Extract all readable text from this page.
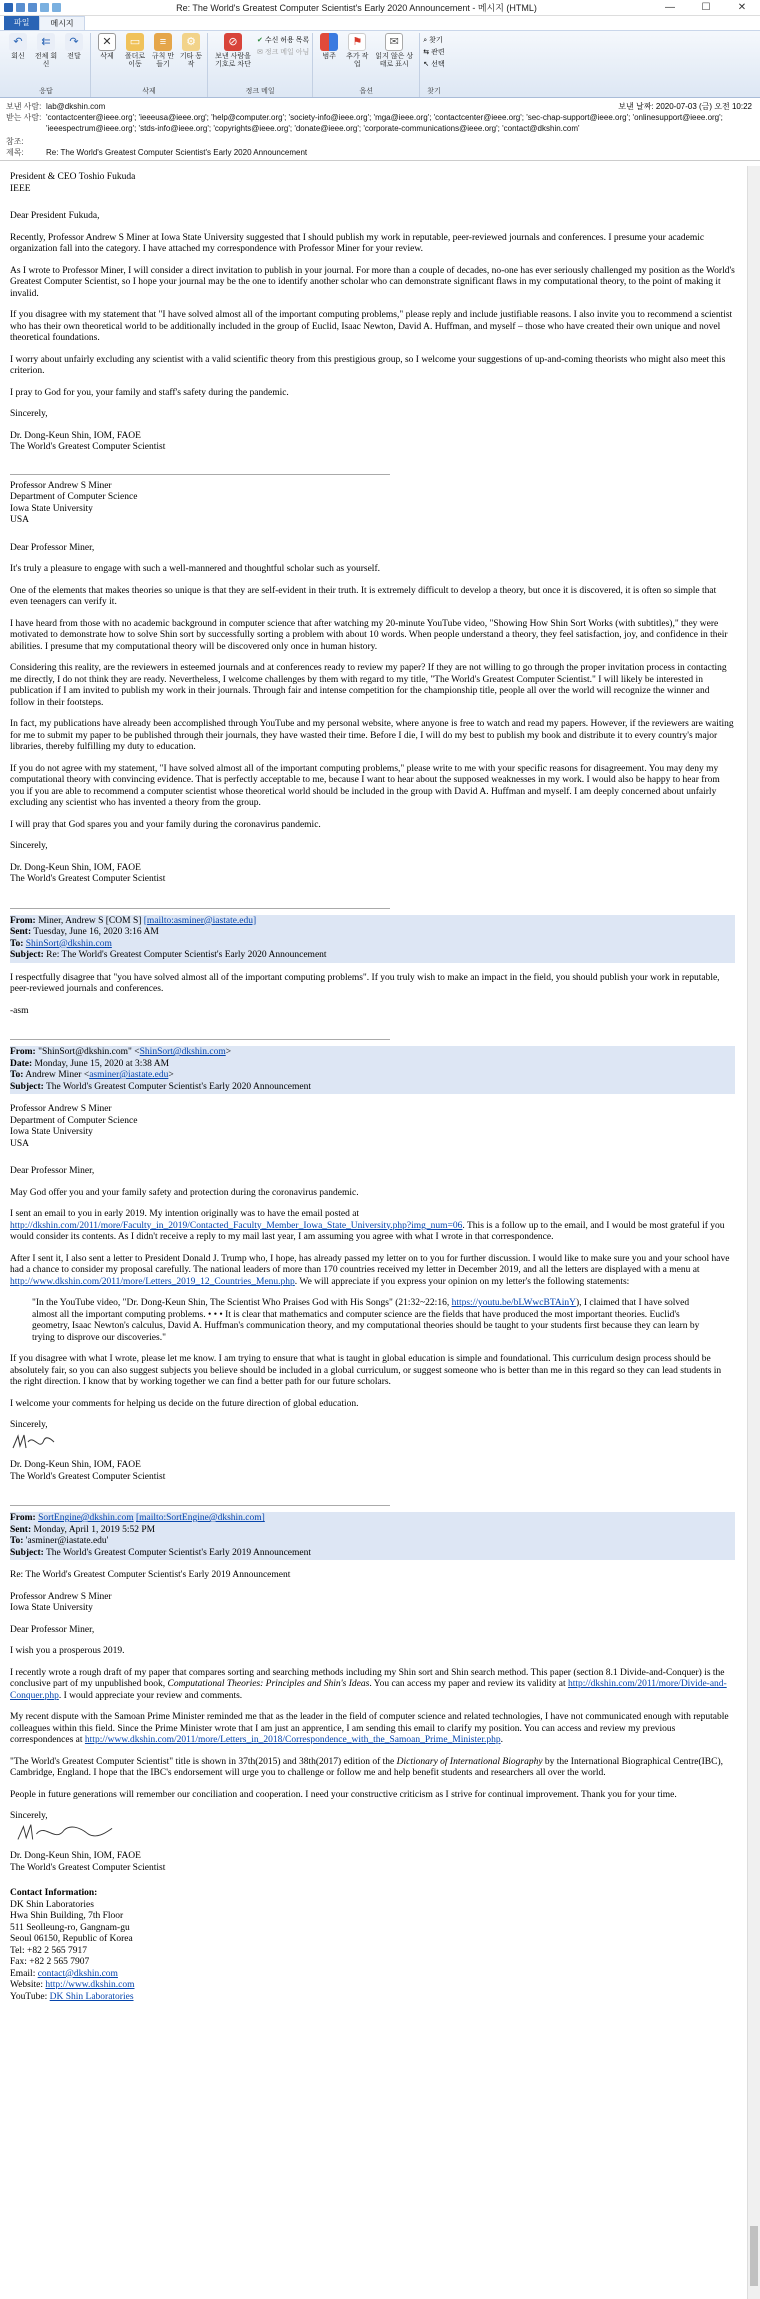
Re: The World's Greatest Computer Scientist's Early 2020 Announcement - 메시지 (HTML)	—	☐	✕
파일	메시지
↶
회신
⇇
전체 회신
↷
전달
응답
✕
삭제
▭
폴더로 이동
≡
규칙 만들기
⚙
기타 동작
삭제
⊘
보낸 사람을 기호로 차단
✔ 수신 허용 목록
✉ 정크 메일 아님
정크 메일
범주
⚑
추가 작업
✉
읽지 않은 상태로 표시
옵션
⌕ 찾기
⇆ 관련
↖ 선택
찾기
보낸 사람: lab@dkshin.com	보낸 날짜: 2020-07-03 (금) 오전 10:22
받는 사람: 'contactcenter@ieee.org'; 'ieeeusa@ieee.org'; 'help@computer.org'; 'society-info@ieee.org'; 'mga@ieee.org'; 'contactcenter@ieee.org'; 'sec-chap-support@ieee.org'; 'onlinesupport@ieee.org'; 'ieeespectrum@ieee.org'; 'stds-info@ieee.org'; 'copyrights@ieee.org'; 'donate@ieee.org'; 'corporate-communications@ieee.org'; 'contact@dkshin.com'
참조:
제목:	Re: The World's Greatest Computer Scientist's Early 2020 Announcement

President & CEO Toshio Fukuda
IEEE

Dear President Fukuda,

Recently, Professor Andrew S Miner at Iowa State University suggested that I should publish my work in reputable, peer-reviewed journals and conferences. I presume your academic organization fall into the category. I have attached my correspondence with Professor Miner for your review.

As I wrote to Professor Miner, I will consider a direct invitation to publish in your journal. For more than a couple of decades, no-one has ever seriously challenged my position as the World's Greatest Computer Scientist, so I hope your journal may be the one to identify another scholar who can demonstrate significant flaws in my computational theory, to the point of making it invalid.

If you disagree with my statement that "I have solved almost all of the important computing problems," please reply and include justifiable reasons. I also invite you to recommend a scientist who has their own theoretical world to be additionally included in the group of Euclid, Isaac Newton, David A. Huffman, and myself – those who have created their own unique and novel theoretical foundations.

I worry about unfairly excluding any scientist with a valid scientific theory from this prestigious group, so I welcome your suggestions of up-and-coming theorists who might also meet this criterion.

I pray to God for you, your family and staff's safety during the pandemic.

Sincerely,

Dr. Dong-Keun Shin, IOM, FAOE
The World's Greatest Computer Scientist

Professor Andrew S Miner
Department of Computer Science
Iowa State University
USA

Dear Professor Miner,

It's truly a pleasure to engage with such a well-mannered and thoughtful scholar such as yourself.

One of the elements that makes theories so unique is that they are self-evident in their truth. It is extremely difficult to develop a theory, but once it is discovered, it is often so simple that even teenagers can verify it.

I have heard from those with no academic background in computer science that after watching my 20-minute YouTube video, "Showing How Shin Sort Works (with subtitles)," they were motivated to demonstrate how to solve Shin sort by successfully sorting a problem with about 10 words. When people understand a theory, they feel satisfaction, joy, and confidence in their abilities. I presume that my computational theory will be discovered only once in human history.

Considering this reality, are the reviewers in esteemed journals and at conferences ready to review my paper? If they are not willing to go through the proper invitation process in contacting me directly, I do not think they are ready. Nevertheless, I welcome challenges by them with regard to my title, "The World's Greatest Computer Scientist." I will likely be interested in publication if I am invited to publish my work in their journals. Through fair and intense competition for the championship title, people all over the world will recognize the winner and follow in their footsteps.

In fact, my publications have already been accomplished through YouTube and my personal website, where anyone is free to watch and read my papers. However, if the reviewers are waiting for me to submit my paper to be published through their journals, they have wasted their time. Before I die, I will do my best to publish my book and distribute it to every country's major libraries, thereby fulfilling my duty to education.

If you do not agree with my statement, "I have solved almost all of the important computing problems," please write to me with your specific reasons for disagreement. You may deny my computational theory with convincing evidence. That is perfectly acceptable to me, because I want to hear about the supposed weaknesses in my work. I would also be happy to hear from you if you are able to recommend a computer scientist whose theoretical world should be included in the group with David A. Huffman and myself. I am deeply concerned about unfairly excluding any scientist who has invented a theory from the group.

I will pray that God spares you and your family during the coronavirus pandemic.

Sincerely,

Dr. Dong-Keun Shin, IOM, FAOE
The World's Greatest Computer Scientist

From: Miner, Andrew S [COM S] [mailto:asminer@iastate.edu]
Sent: Tuesday, June 16, 2020 3:16 AM
To: ShinSort@dkshin.com
Subject: Re: The World's Greatest Computer Scientist's Early 2020 Announcement

I respectfully disagree that "you have solved almost all of the important computing problems". If you truly wish to make an impact in the field, you should publish your work in reputable, peer-reviewed journals and conferences.

-asm

From: "ShinSort@dkshin.com" <ShinSort@dkshin.com>
Date: Monday, June 15, 2020 at 3:38 AM
To: Andrew Miner <asminer@iastate.edu>
Subject: The World's Greatest Computer Scientist's Early 2020 Announcement

Professor Andrew S Miner
Department of Computer Science
Iowa State University
USA

Dear Professor Miner,

May God offer you and your family safety and protection during the coronavirus pandemic.

I sent an email to you in early 2019. My intention originally was to have the email posted at http://dkshin.com/2011/more/Faculty_in_2019/Contacted_Faculty_Member_Iowa_State_University.php?img_num=06. This is a follow up to the email, and I would be most grateful if you would consider its contents. As I didn't receive a reply to my mail last year, I am assuming you agree with what I wrote in that correspondence.

After I sent it, I also sent a letter to President Donald J. Trump who, I hope, has already passed my letter on to you for further discussion. I would like to make sure you and your school have had a chance to consider my proposal carefully. The national leaders of more than 170 countries received my letter in December 2019, and all the letters are displayed with a menu at http://www.dkshin.com/2011/more/Letters_2019_12_Countries_Menu.php. We will appreciate if you express your opinion on my letter's the following statements:

"In the YouTube video, "Dr. Dong-Keun Shin, The Scientist Who Praises God with His Songs" (21:32~22:16, https://youtu.be/bLWwcBTAinY), I claimed that I have solved almost all the important computing problems. • • • It is clear that mathematics and computer science are the fields that have produced the most important theories. Euclid's geometry, Isaac Newton's calculus, David A. Huffman's communication theory, and my computational theories should be taught to your students first because they can learn by trying to disprove our discoveries."

If you disagree with what I wrote, please let me know. I am trying to ensure that what is taught in global education is simple and foundational. This curriculum design process should be absolutely fair, so you can also suggest subjects you believe should be included in a global curriculum, or suggest someone who is better than me in this regard so they can lead students in the right direction. I know that by working together we can find a better path for our future scholars.

I welcome your comments for helping us decide on the future direction of global education.

Sincerely,

Dr. Dong-Keun Shin, IOM, FAOE
The World's Greatest Computer Scientist

From: SortEngine@dkshin.com [mailto:SortEngine@dkshin.com]
Sent: Monday, April 1, 2019 5:52 PM
To: 'asminer@iastate.edu'
Subject: The World's Greatest Computer Scientist's Early 2019 Announcement

Re: The World's Greatest Computer Scientist's Early 2019 Announcement

Professor Andrew S Miner
Iowa State University

Dear Professor Miner,

I wish you a prosperous 2019.

I recently wrote a rough draft of my paper that compares sorting and searching methods including my Shin sort and Shin search method. This paper (section 8.1 Divide-and-Conquer) is the conclusive part of my unpublished book, Computational Theories: Principles and Shin's Ideas. You can access my paper and review its validity at http://dkshin.com/2011/more/Divide-and-Conquer.php. I would appreciate your review and comments.

My recent dispute with the Samoan Prime Minister reminded me that as the leader in the field of computer science and related technologies, I have not communicated enough with reputable colleagues within this field. Since the Prime Minister wrote that I am just an apprentice, I am sending this email to clarify my position. You can access and review my previous correspondences at http://www.dkshin.com/2011/more/Letters_in_2018/Correspondence_with_the_Samoan_Prime_Minister.php.

"The World's Greatest Computer Scientist" title is shown in 37th(2015) and 38th(2017) edition of the Dictionary of International Biography by the International Biographical Centre(IBC), Cambridge, England. I hope that the IBC's endorsement will urge you to challenge or follow me and help benefit students and researchers all over the world.

People in future generations will remember our conciliation and cooperation. I need your constructive criticism as I strive for continual improvement. Thank you for your time.

Sincerely,

Dr. Dong-Keun Shin, IOM, FAOE
The World's Greatest Computer Scientist

Contact Information:
DK Shin Laboratories
Hwa Shin Building, 7th Floor
511 Seolleung-ro, Gangnam-gu
Seoul 06150, Republic of Korea
Tel: +82 2 565 7917
Fax: +82 2 565 7907
Email: contact@dkshin.com
Website: http://www.dkshin.com
YouTube: DK Shin Laboratories
